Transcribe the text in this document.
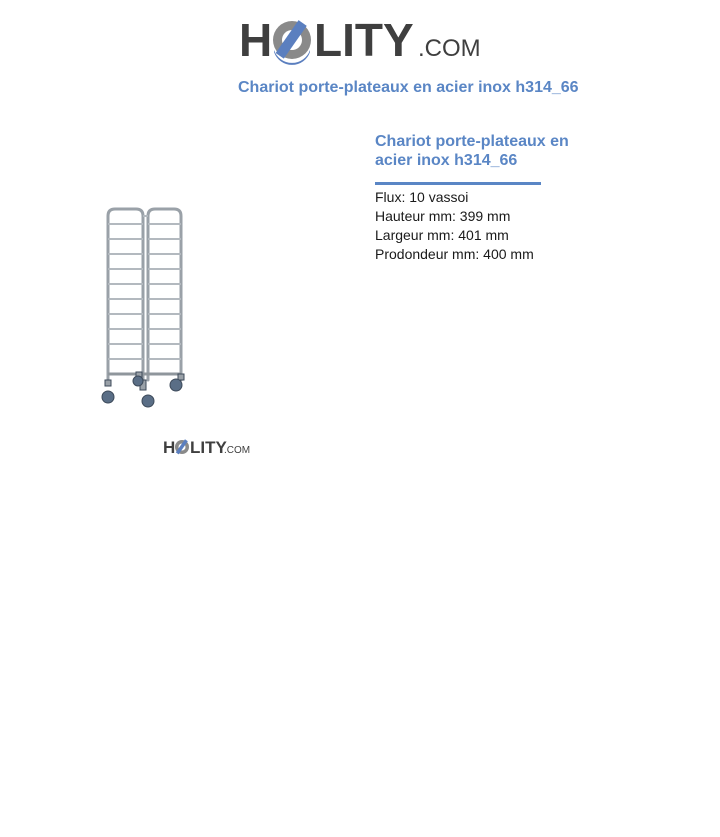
H LITY .COM
Chariot porte-plateaux en acier inox h314_66
H LITY
.COM
Chariot porte-plateaux en acier inox h314_66
Flux: 10 vassoi
Hauteur mm: 399 mm
Largeur mm: 401 mm
Prodondeur mm: 400 mm
